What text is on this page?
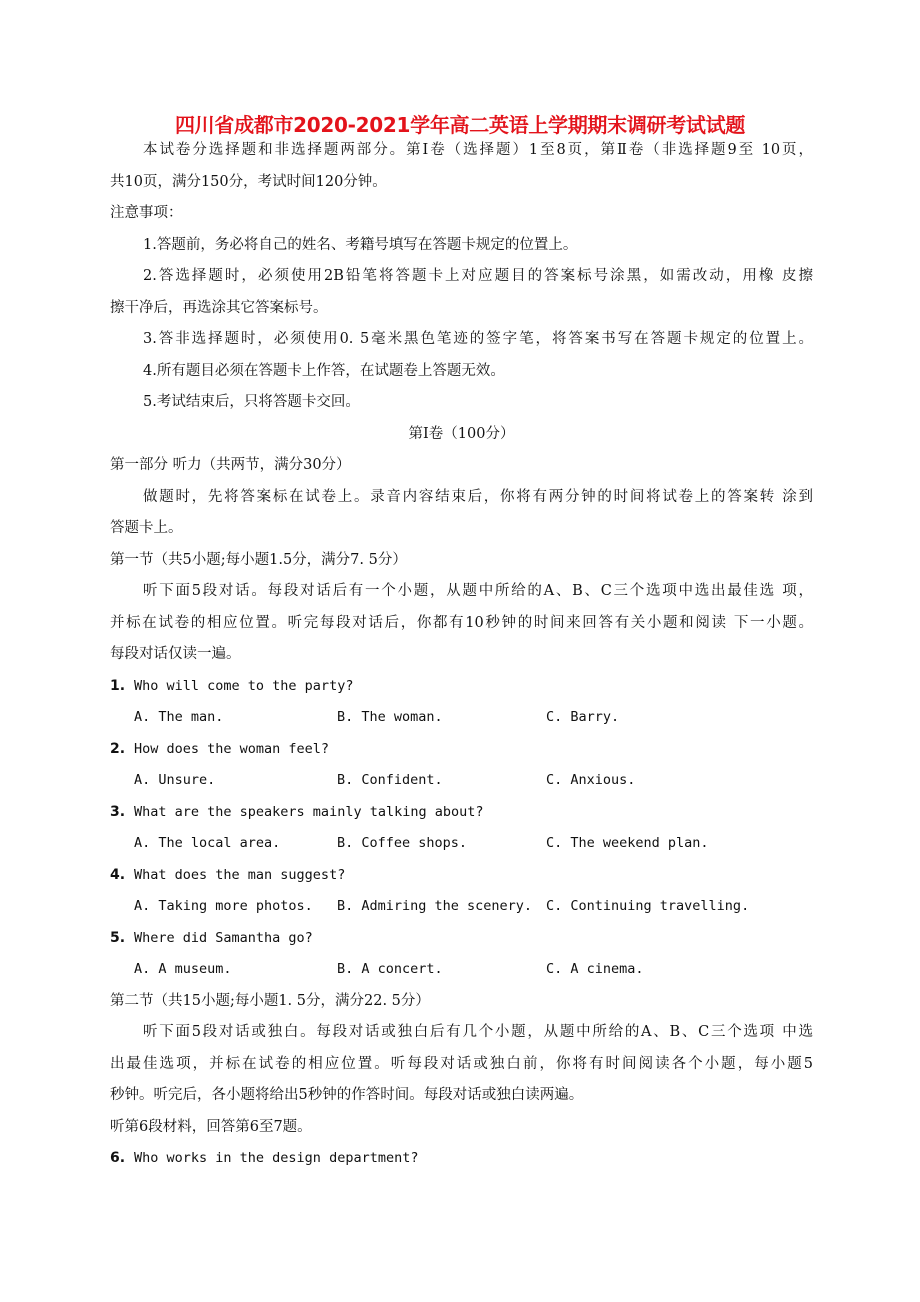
四川省成都市2020-2021学年高二英语上学期期末调研考试试题
本试卷分选择题和非选择题两部分。第Ⅰ卷（选择题）1至8页，第Ⅱ卷（非选择题9至 10页，
共10页，满分150分，考试时间120分钟。
注意事项：
1.答题前，务必将自己的姓名、考籍号填写在答题卡规定的位置上。
2.答选择题时，必须使用2B铅笔将答题卡上对应题目的答案标号涂黑，如需改动，用橡 皮擦
擦干净后，再选涂其它答案标号。
3.答非选择题时，必须使用0. 5毫米黑色笔迹的签字笔，将答案书写在答题卡规定的位置上。
4.所有题目必须在答题卡上作答，在试题卷上答题无效。
5.考试结束后，只将答题卡交回。
第Ⅰ卷（100分）
第一部分 听力（共两节，满分30分）
做题时，先将答案标在试卷上。录音内容结束后，你将有两分钟的时间将试卷上的答案转 涂到
答题卡上。
第一节（共5小题;每小题1.5分，满分7. 5分）
听下面5段对话。每段对话后有一个小题，从题中所给的A、B、C三个选项中选出最佳选 项，
并标在试卷的相应位置。听完每段对话后，你都有10秒钟的时间来回答有关小题和阅读 下一小题。
每段对话仅读一遍。
1. Who will come to the party?
A. The man.	B. The woman.	C. Barry.
2. How does the woman feel?
A. Unsure.	B. Confident.	C. Anxious.
3. What are the speakers mainly talking about?
A. The local area.	B. Coffee shops.	C. The weekend plan.
4. What does the man suggest?
A. Taking more photos. B. Admiring the scenery. C. Continuing travelling.
5. Where did Samantha go?
A. A museum.	B. A concert.	C. A cinema.
第二节（共15小题;每小题1. 5分，满分22. 5分）
听下面5段对话或独白。每段对话或独白后有几个小题，从题中所给的A、B、C三个选项 中选
出最佳选项，并标在试卷的相应位置。听每段对话或独白前，你将有时间阅读各个小题，每小题5
秒钟。听完后，各小题将给出5秒钟的作答时间。每段对话或独白读两遍。
听第6段材料，回答第6至7题。
6. Who works in the design department?
